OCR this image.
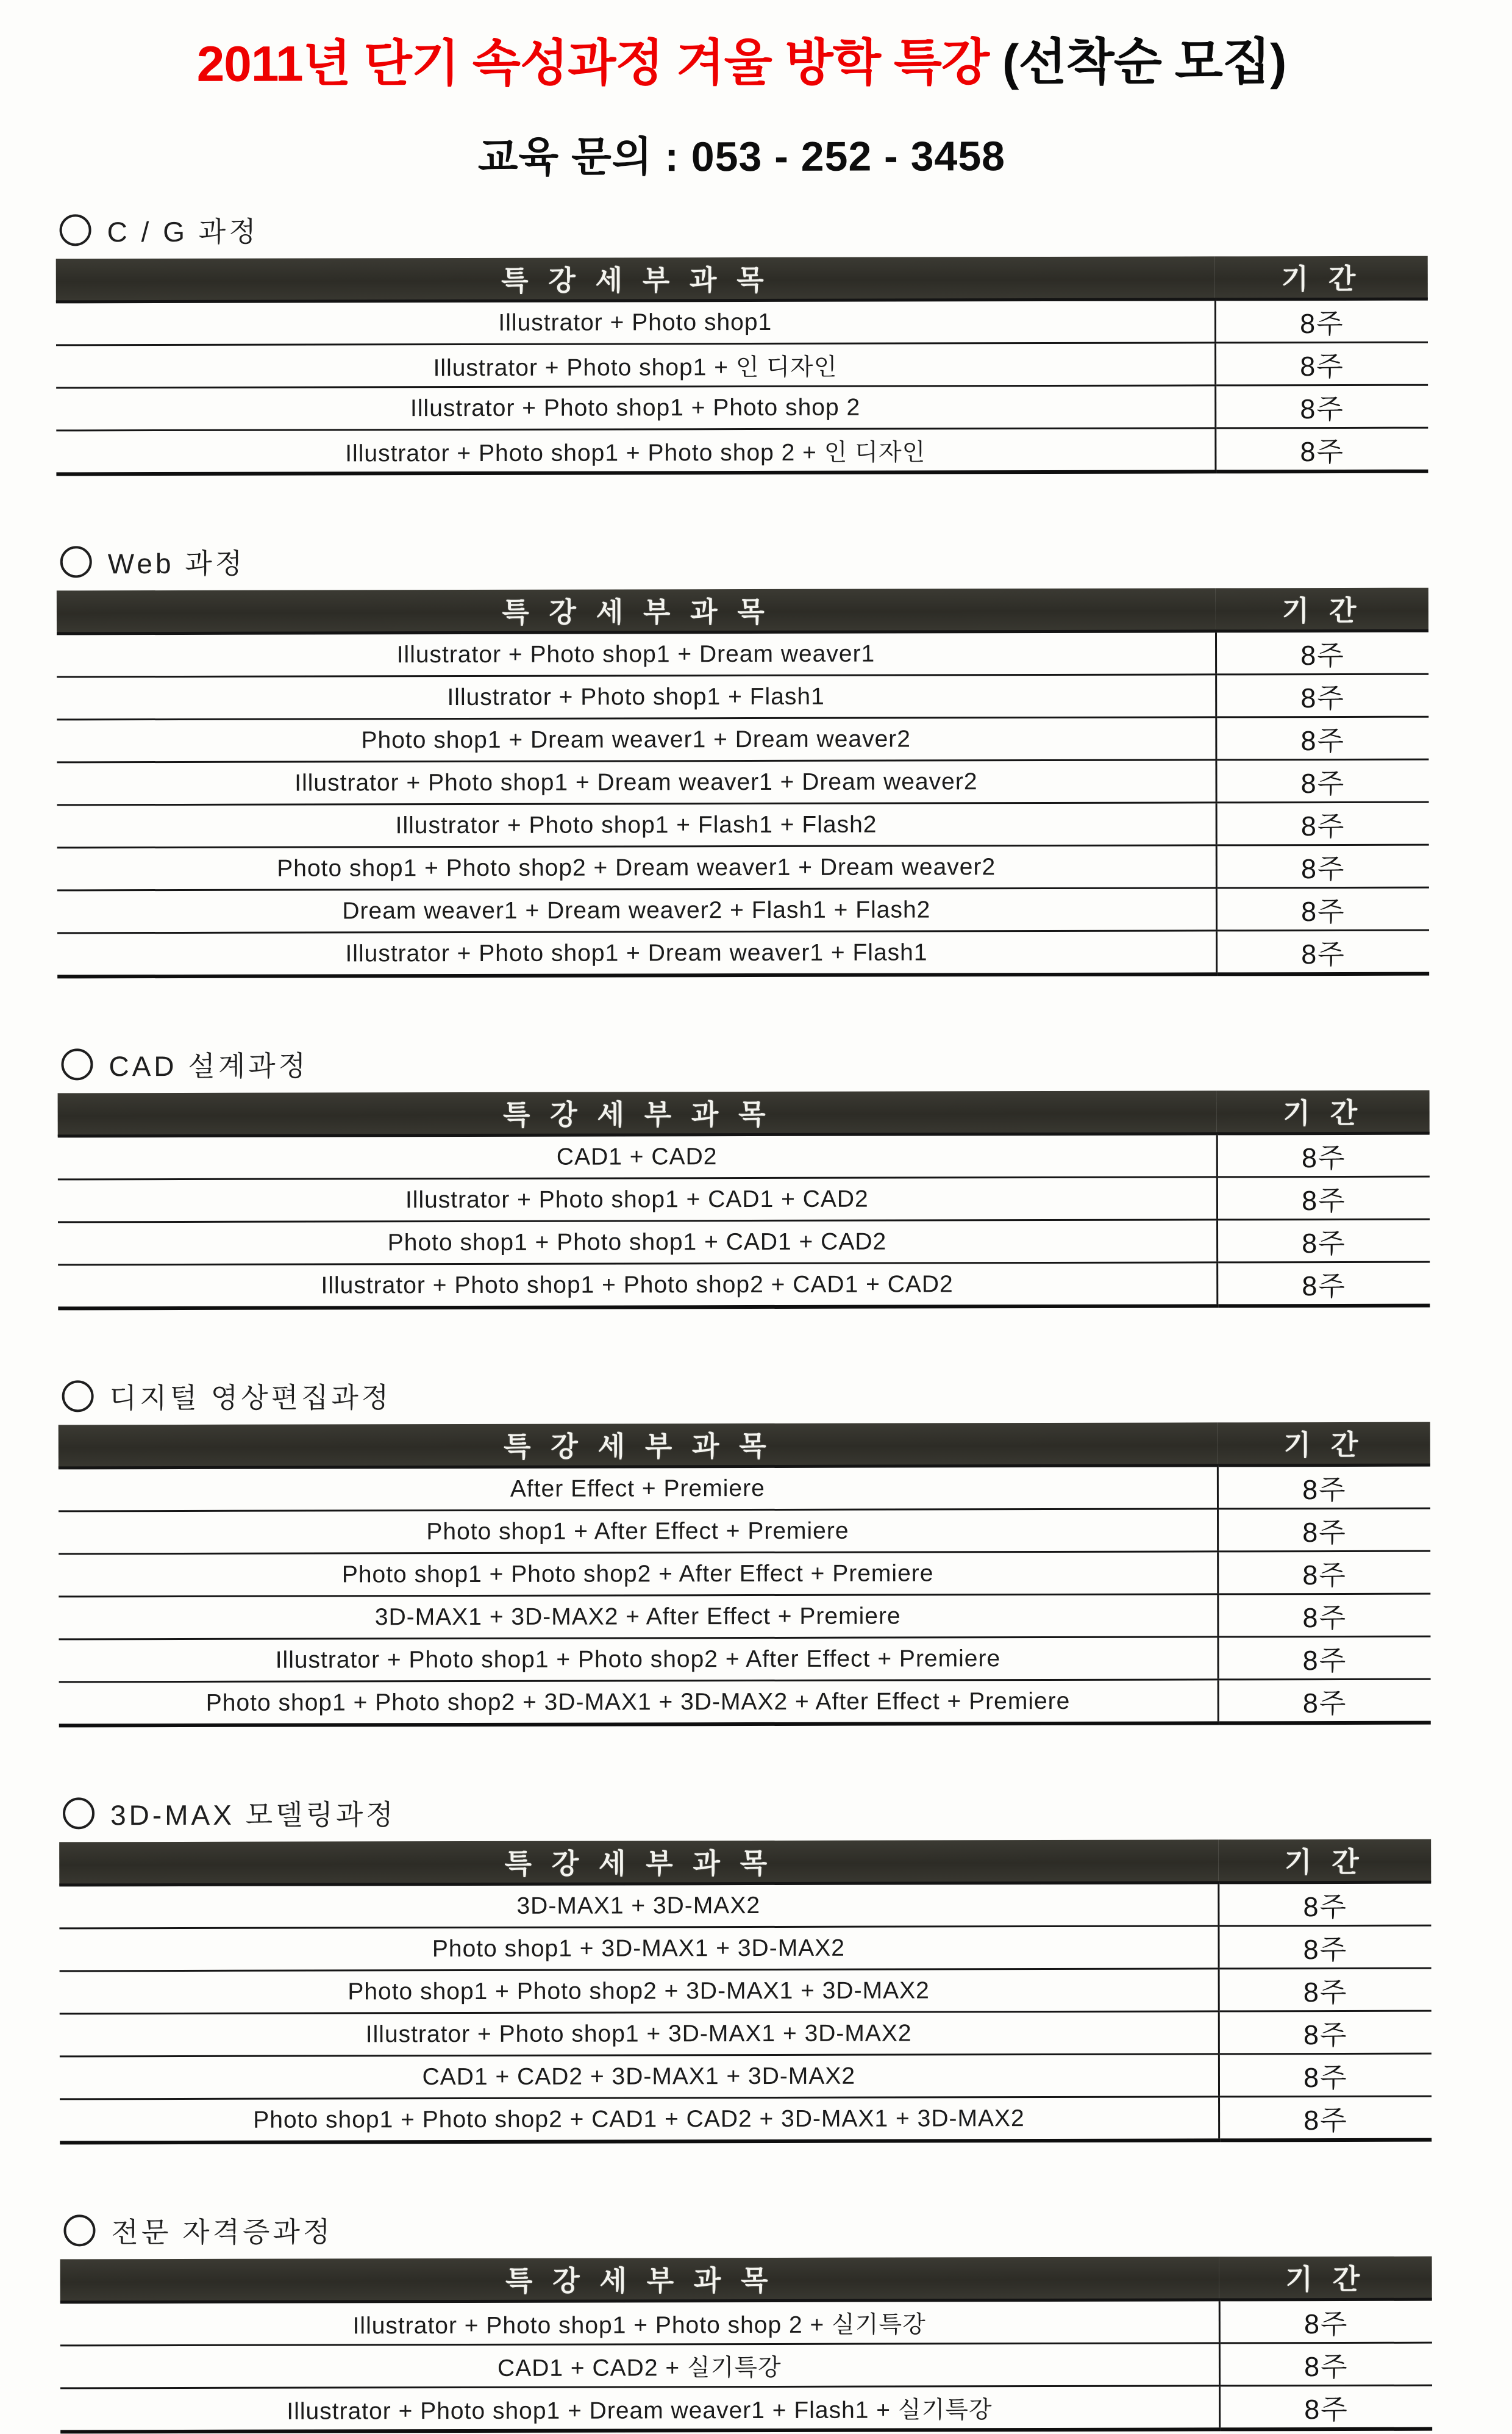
2011년 단기 속성과정 겨울 방학 특강 (선착순 모집)
교육 문의 : 053 - 252 - 3458
C / G 과정
특 강 세 부 과 목	기 간
Illustrator + Photo shop1	8주
Illustrator + Photo shop1 + 인 디자인	8주
Illustrator + Photo shop1 + Photo shop 2	8주
Illustrator + Photo shop1 + Photo shop 2 + 인 디자인	8주
Web 과정
특 강 세 부 과 목	기 간
Illustrator + Photo shop1 + Dream weaver1	8주
Illustrator + Photo shop1 + Flash1	8주
Photo shop1 + Dream weaver1 + Dream weaver2	8주
Illustrator + Photo shop1 + Dream weaver1 + Dream weaver2	8주
Illustrator + Photo shop1 + Flash1 + Flash2	8주
Photo shop1 + Photo shop2 + Dream weaver1 + Dream weaver2	8주
Dream weaver1 + Dream weaver2 + Flash1 + Flash2	8주
Illustrator + Photo shop1 + Dream weaver1 + Flash1	8주
CAD 설계과정
특 강 세 부 과 목	기 간
CAD1 + CAD2	8주
Illustrator + Photo shop1 + CAD1 + CAD2	8주
Photo shop1 + Photo shop1 + CAD1 + CAD2	8주
Illustrator + Photo shop1 + Photo shop2 + CAD1 + CAD2	8주
디지털 영상편집과정
특 강 세 부 과 목	기 간
After Effect + Premiere	8주
Photo shop1 + After Effect + Premiere	8주
Photo shop1 + Photo shop2 + After Effect + Premiere	8주
3D-MAX1 + 3D-MAX2 + After Effect + Premiere	8주
Illustrator + Photo shop1 + Photo shop2 + After Effect + Premiere	8주
Photo shop1 + Photo shop2 + 3D-MAX1 + 3D-MAX2 + After Effect + Premiere	8주
3D-MAX 모델링과정
특 강 세 부 과 목	기 간
3D-MAX1 + 3D-MAX2	8주
Photo shop1 + 3D-MAX1 + 3D-MAX2	8주
Photo shop1 + Photo shop2 + 3D-MAX1 + 3D-MAX2	8주
Illustrator + Photo shop1 + 3D-MAX1 + 3D-MAX2	8주
CAD1 + CAD2 + 3D-MAX1 + 3D-MAX2	8주
Photo shop1 + Photo shop2 + CAD1 + CAD2 + 3D-MAX1 + 3D-MAX2	8주
전문 자격증과정
특 강 세 부 과 목	기 간
Illustrator + Photo shop1 + Photo shop 2 + 실기특강	8주
CAD1 + CAD2 + 실기특강	8주
Illustrator + Photo shop1 + Dream weaver1 + Flash1 + 실기특강	8주
